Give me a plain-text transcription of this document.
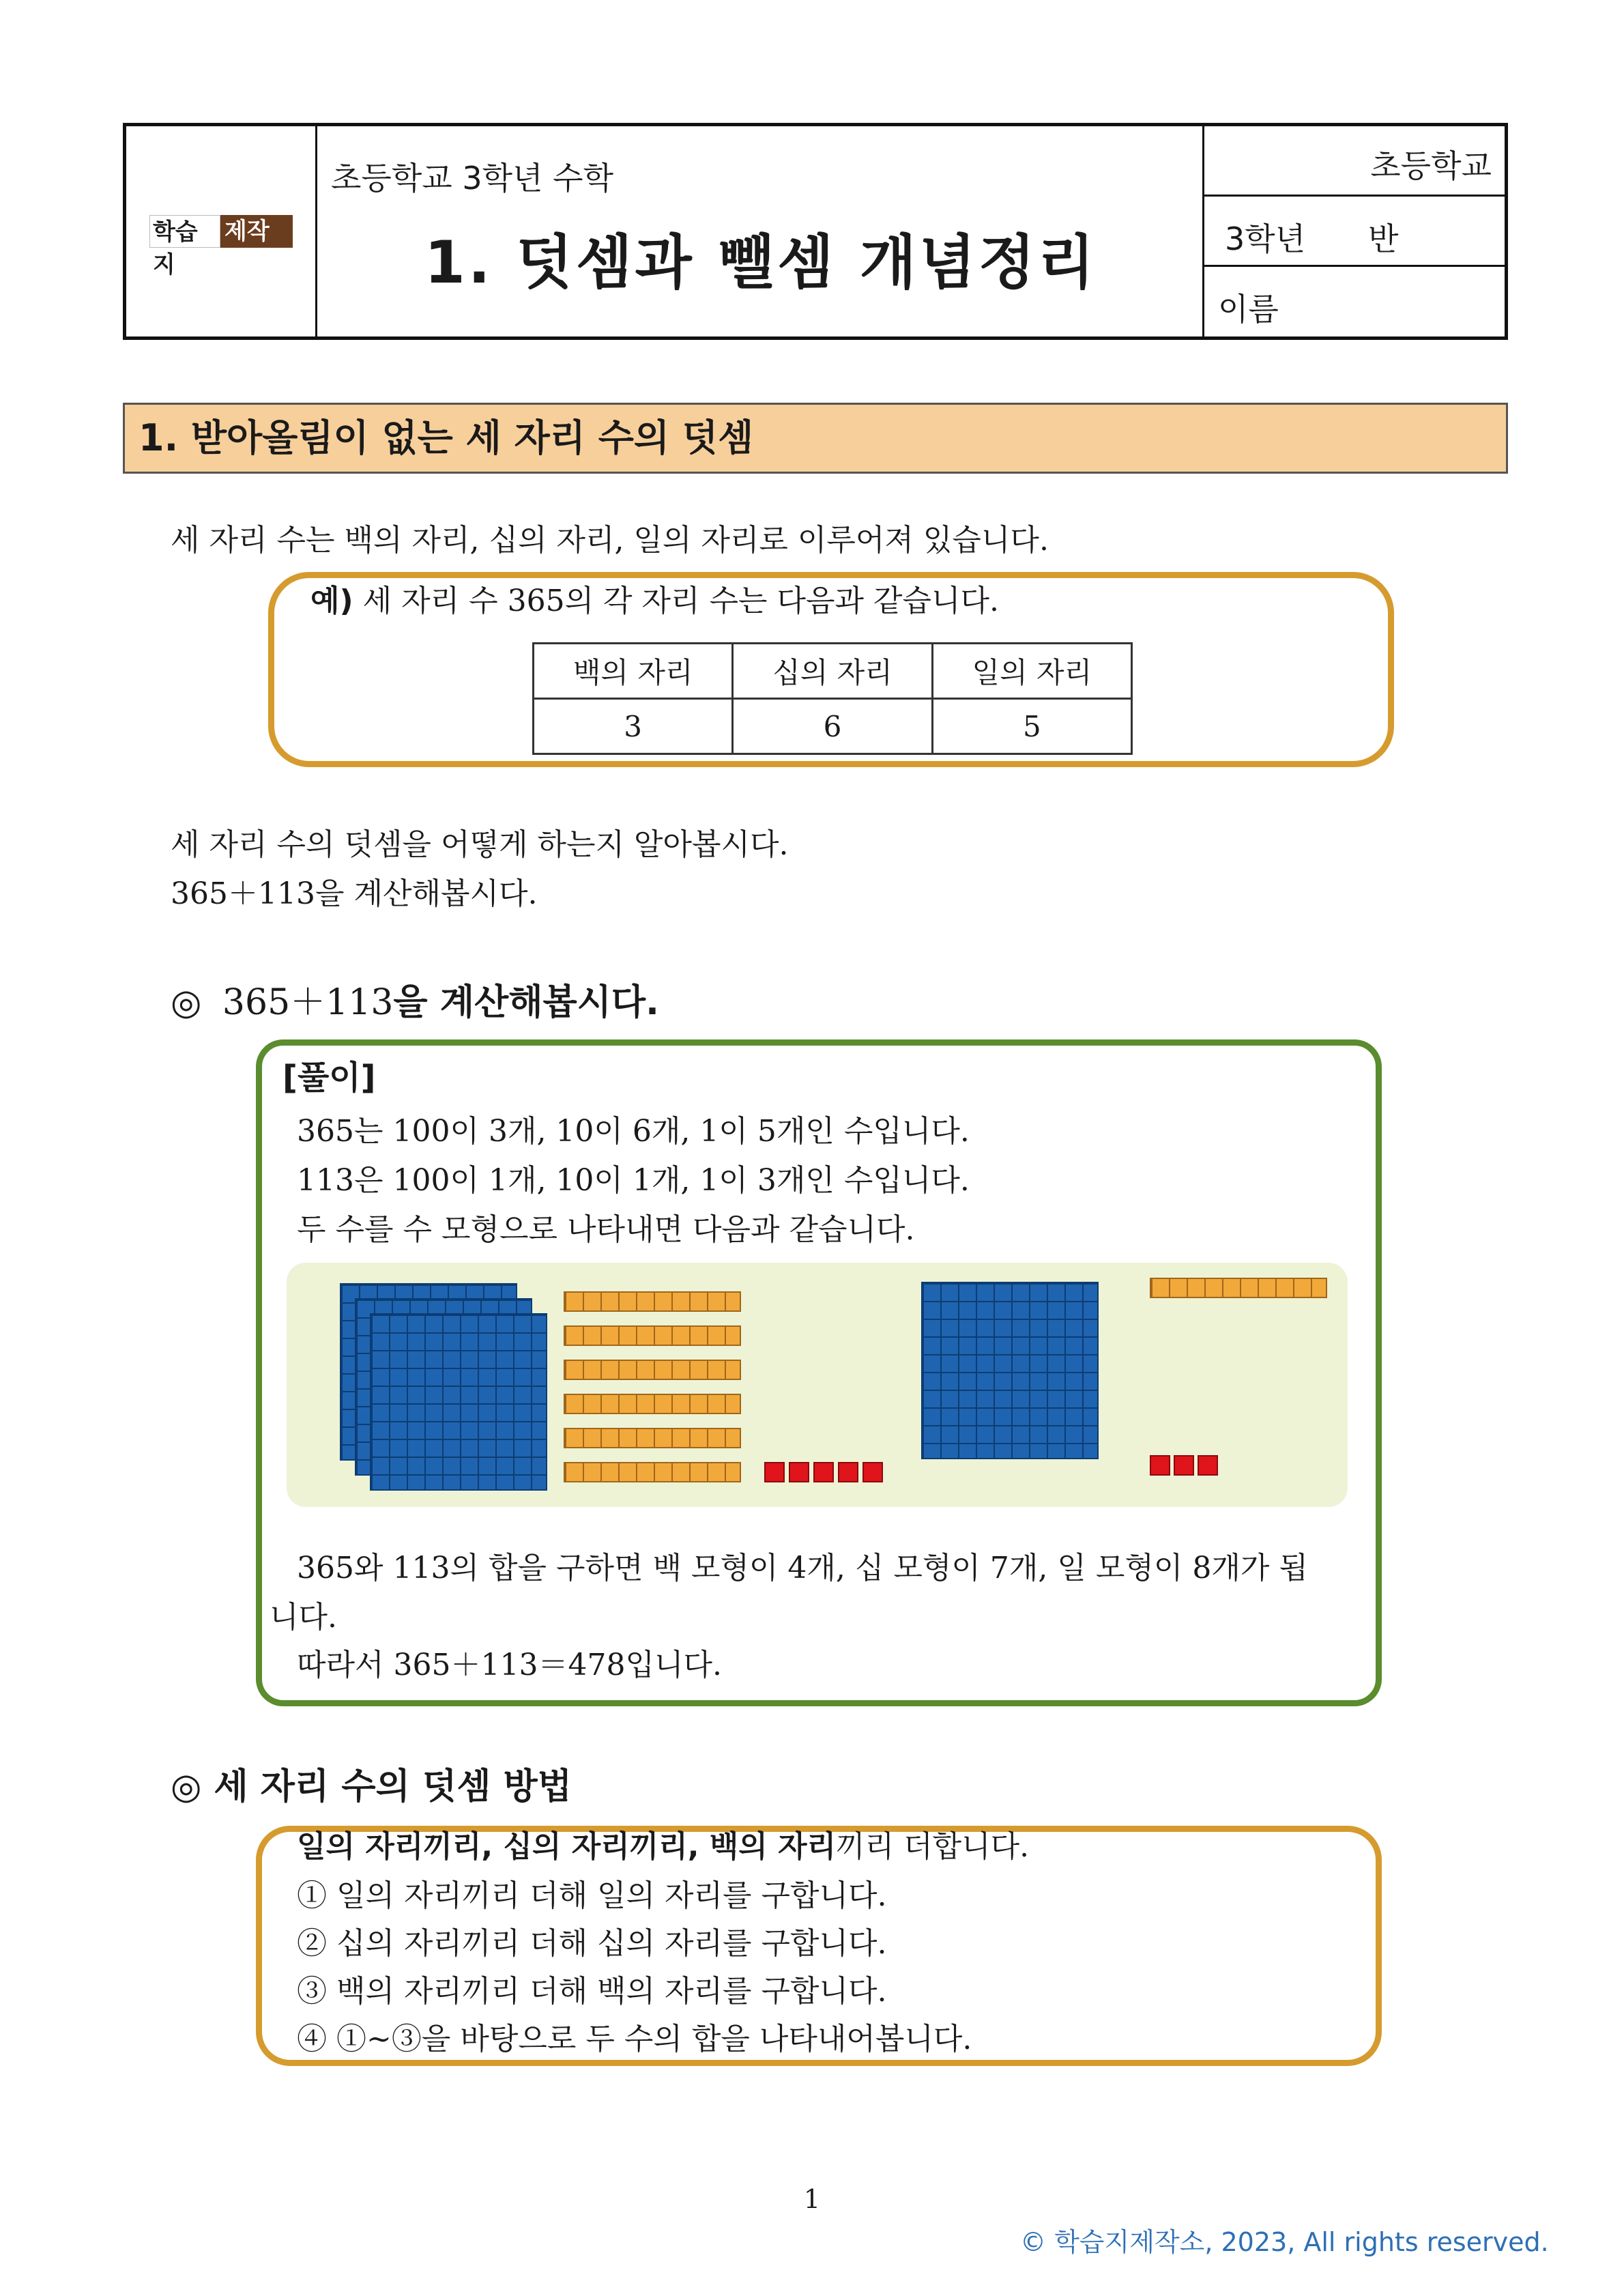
학습지
제작소
초등학교 3학년 수학
1. 덧셈과 뺄셈 개념정리
초등학교
3학년　　반
이름
1. 받아올림이 없는 세 자리 수의 덧셈
세 자리 수는 백의 자리, 십의 자리, 일의 자리로 이루어져 있습니다.
예) 세 자리 수 365의 각 자리 수는 다음과 같습니다.
백의 자리	십의 자리	일의 자리
3	6	5
세 자리 수의 덧셈을 어떻게 하는지 알아봅시다.
365＋113을 계산해봅시다.
◎ 365＋113을 계산해봅시다.
[풀이]
365는 100이 3개, 10이 6개, 1이 5개인 수입니다.
113은 100이 1개, 10이 1개, 1이 3개인 수입니다.
두 수를 수 모형으로 나타내면 다음과 같습니다.
365와 113의 합을 구하면 백 모형이 4개, 십 모형이 7개, 일 모형이 8개가 됩
니다.
따라서 365＋113＝478입니다.
◎ 세 자리 수의 덧셈 방법
일의 자리끼리, 십의 자리끼리, 백의 자리끼리 더합니다.
① 일의 자리끼리 더해 일의 자리를 구합니다.
② 십의 자리끼리 더해 십의 자리를 구합니다.
③ 백의 자리끼리 더해 백의 자리를 구합니다.
④ ①~③을 바탕으로 두 수의 합을 나타내어봅니다.
1
© 학습지제작소, 2023, All rights reserved.
